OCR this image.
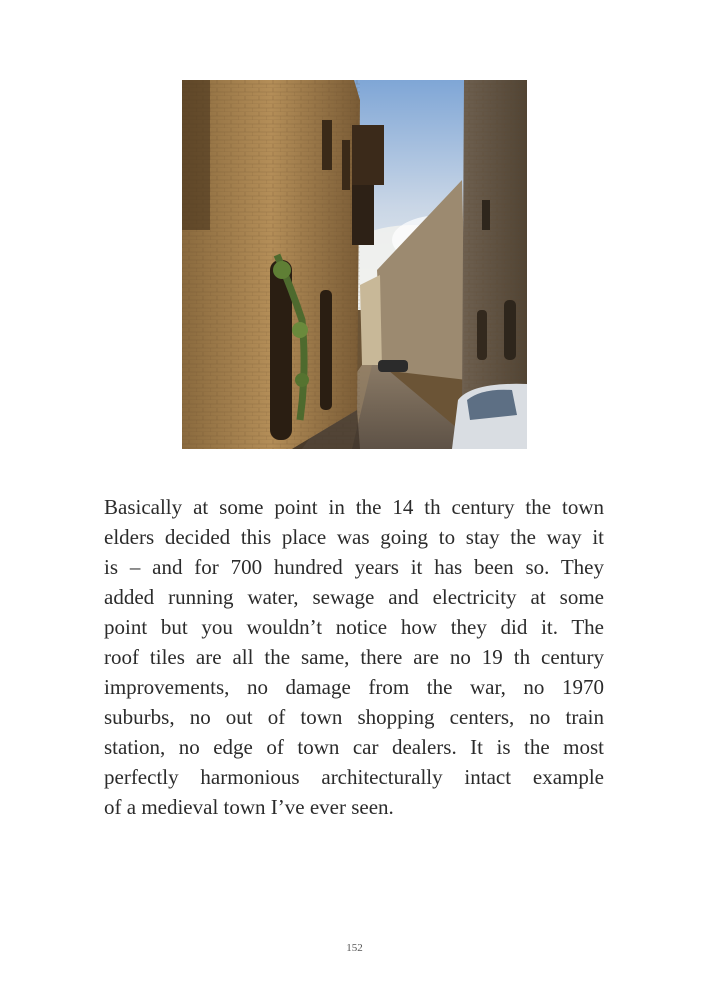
Basically at some point in the 14 th century the town
elders decided this place was going to stay the way it
is – and for 700 hundred years it has been so. They
added running water, sewage and electricity at some
point but you wouldn’t notice how they did it. The
roof tiles are all the same, there are no 19 th century
improvements, no damage from the war, no 1970
suburbs, no out of town shopping centers, no train
station, no edge of town car dealers. It is the most
perfectly harmonious architecturally intact example
of a medieval town I’ve ever seen.

152
